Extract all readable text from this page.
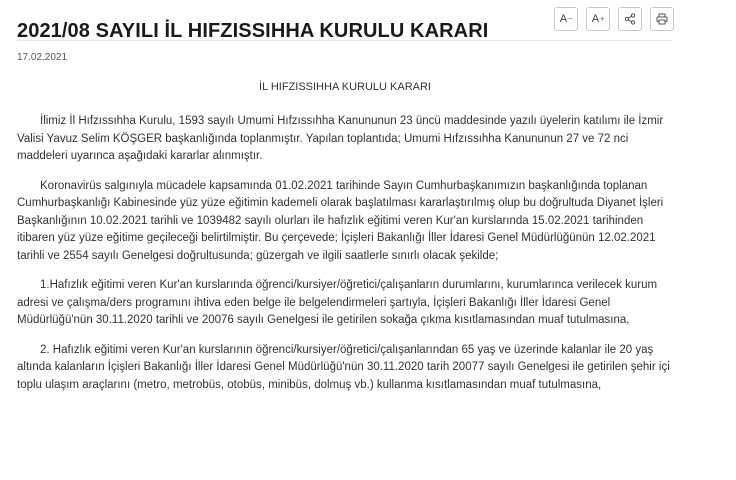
2021/08 SAYILI İL HIFZISSIHHA KURULU KARARI
A − A +
17.02.2021
İL HIFZISSIHHA KURULU KARARI

İlimiz İl Hıfzıssıhha Kurulu, 1593 sayılı Umumi Hıfzıssıhha Kanununun 23 üncü maddesinde yazılı üyelerin katılımı ile İzmir Valisi Yavuz Selim KÖŞGER başkanlığında toplanmıştır. Yapılan toplantıda; Umumi Hıfzıssıhha Kanununun 27 ve 72 nci maddeleri uyarınca aşağıdaki kararlar alınmıştır.

Koronavirüs salgınıyla mücadele kapsamında 01.02.2021 tarihinde Sayın Cumhurbaşkanımızın başkanlığında toplanan Cumhurbaşkanlığı Kabinesinde yüz yüze eğitimin kademeli olarak başlatılması kararlaştırılmış olup bu doğrultuda Diyanet İşleri Başkanlığının 10.02.2021 tarihli ve 1039482 sayılı olurları ile hafızlık eğitimi veren Kur'an kurslarında 15.02.2021 tarihinden itibaren yüz yüze eğitime geçileceği belirtilmiştir. Bu çerçevede; İçişleri Bakanlığı İller İdaresi Genel Müdürlüğünün 12.02.2021 tarihli ve 2554 sayılı Genelgesi doğrultusunda; güzergah ve ilgili saatlerle sınırlı olacak şekilde;

1.Hafızlık eğitimi veren Kur'an kurslarında öğrenci/kursiyer/öğretici/çalışanların durumlarını, kurumlarınca verilecek kurum adresi ve çalışma/ders programını ihtiva eden belge ile belgelendirmeleri şartıyla, İçişleri Bakanlığı İller İdaresi Genel Müdürlüğü'nün 30.11.2020 tarihli ve 20076 sayılı Genelgesi ile getirilen sokağa çıkma kısıtlamasından muaf tutulmasına,

2. Hafızlık eğitimi veren Kur'an kurslarının öğrenci/kursiyer/öğretici/çalışanlarından 65 yaş ve üzerinde kalanlar ile 20 yaş altında kalanların İçişleri Bakanlığı İller İdaresi Genel Müdürlüğü'nün 30.11.2020 tarih 20077 sayılı Genelgesi ile getirilen şehir içi toplu ulaşım araçlarını (metro, metrobüs, otobüs, minibüs, dolmuş vb.) kullanma kısıtlamasından muaf tutulmasına,
